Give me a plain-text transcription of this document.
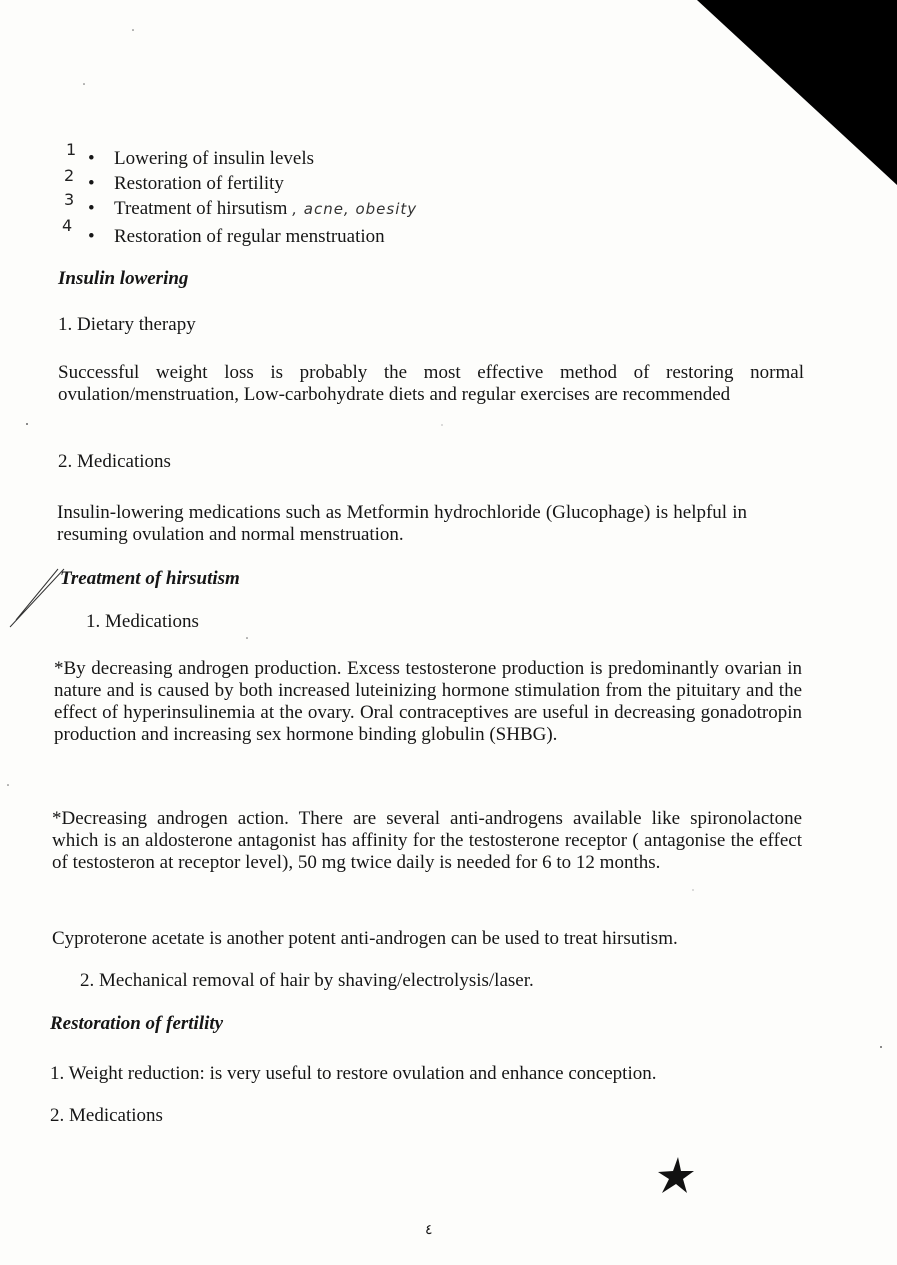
1 • Lowering of insulin levels
2 • Restoration of fertility
3 • Treatment of hirsutism , acne, obesity
4
• Restoration of regular menstruation
Insulin lowering
1. Dietary therapy
Successful weight loss is probably the most effective method of restoring normal ovulation/menstruation, Low-carbohydrate diets and regular exercises are recommended
2. Medications
Insulin-lowering medications such as Metformin hydrochloride (Glucophage) is helpful in resuming ovulation and normal menstruation.
Treatment of hirsutism
1. Medications
*By decreasing androgen production. Excess testosterone production is predominantly ovarian in nature and is caused by both increased luteinizing hormone stimulation from the pituitary and the effect of hyperinsulinemia at the ovary. Oral contraceptives are useful in decreasing gonadotropin production and increasing sex hormone binding globulin (SHBG).
*Decreasing androgen action. There are several anti-androgens available like spironolactone which is an aldosterone antagonist has affinity for the testosterone receptor ( antagonise the effect of testosteron at receptor level), 50 mg twice daily is needed for 6 to 12 months.
Cyproterone acetate is another potent anti-androgen can be used to treat hirsutism.
2. Mechanical removal of hair by shaving/electrolysis/laser.
Restoration of fertility
1. Weight reduction: is very useful to restore ovulation and enhance conception.
2. Medications
٤
